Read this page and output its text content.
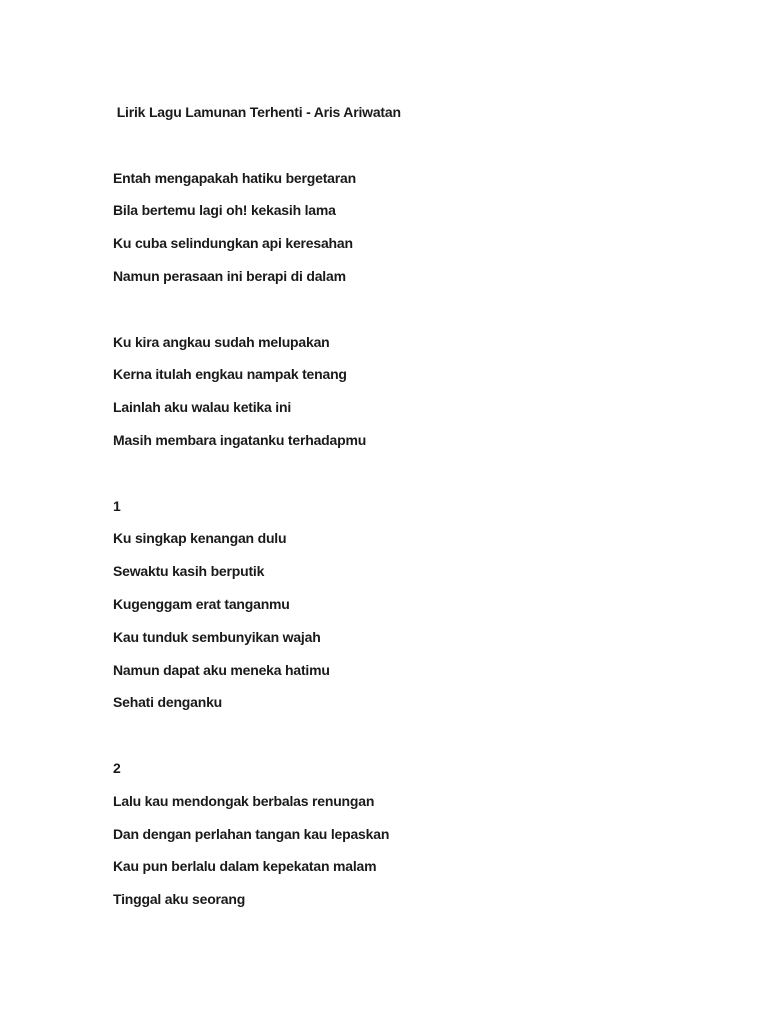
Lirik Lagu Lamunan Terhenti - Aris Ariwatan
Entah mengapakah hatiku bergetaran
Bila bertemu lagi oh! kekasih lama
Ku cuba selindungkan api keresahan
Namun perasaan ini berapi di dalam
Ku kira angkau sudah melupakan
Kerna itulah engkau nampak tenang
Lainlah aku walau ketika ini
Masih membara ingatanku terhadapmu
1
Ku singkap kenangan dulu
Sewaktu kasih berputik
Kugenggam erat tanganmu
Kau tunduk sembunyikan wajah
Namun dapat aku meneka hatimu
Sehati denganku
2
Lalu kau mendongak berbalas renungan
Dan dengan perlahan tangan kau lepaskan
Kau pun berlalu dalam kepekatan malam
Tinggal aku seorang
